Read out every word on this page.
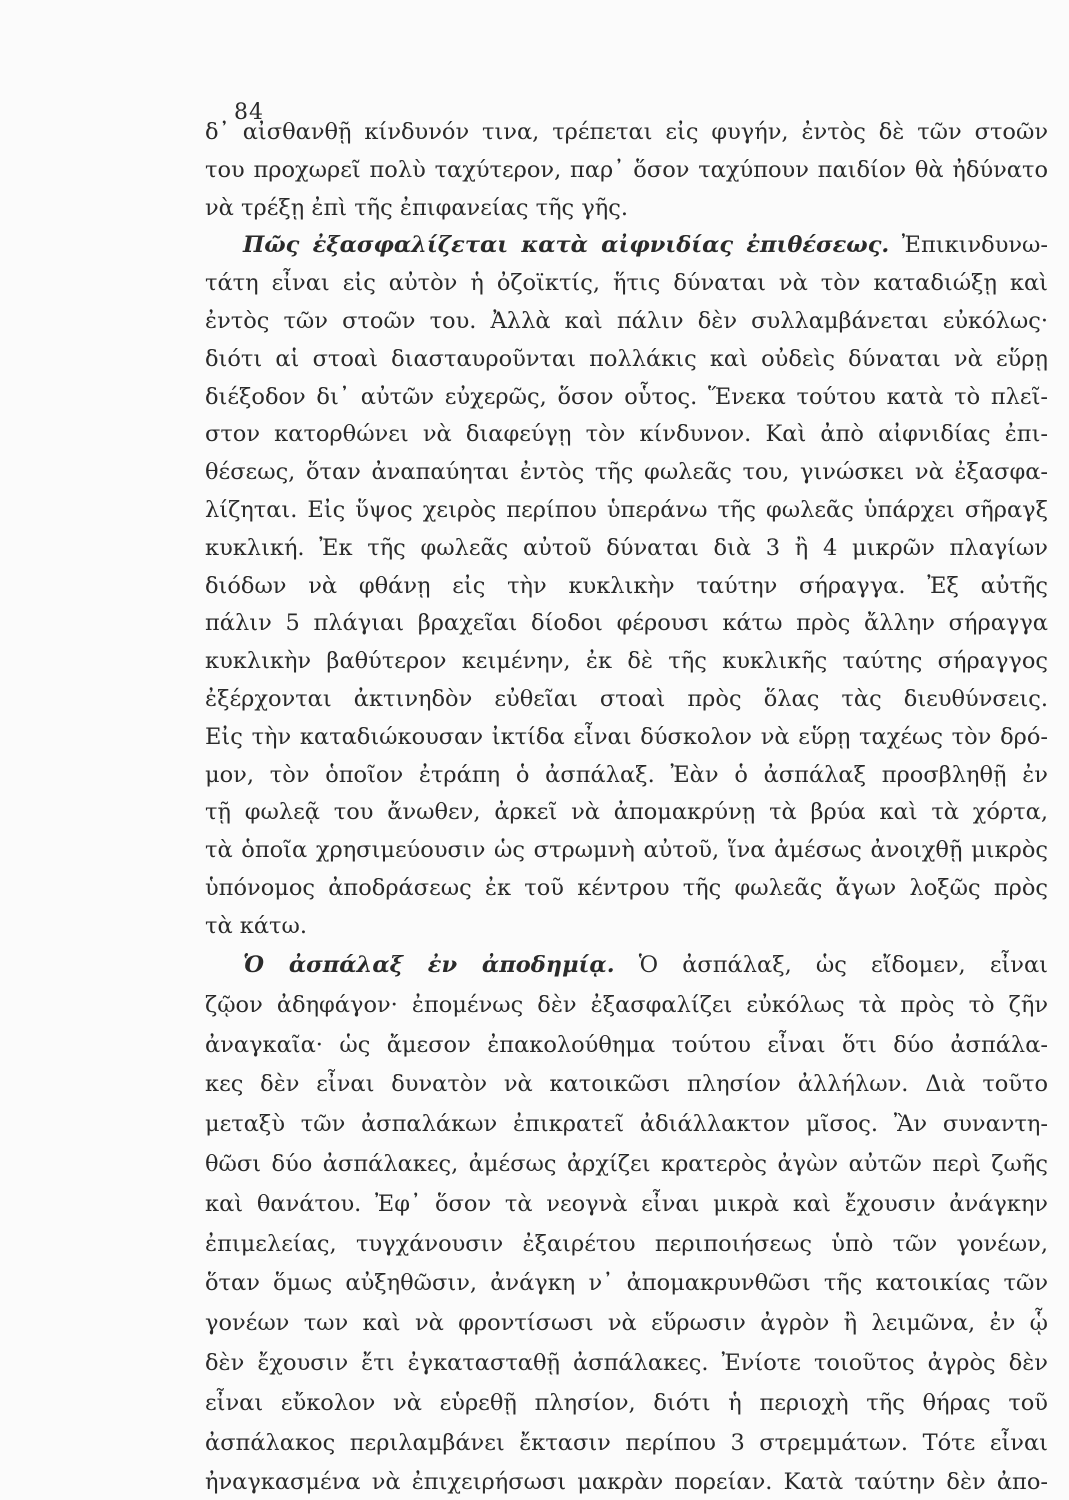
84
δ᾽ αἰσθανθῇ κίνδυνόν τινα, τρέπεται εἰς φυγήν, ἐντὸς δὲ τῶν στοῶν
του προχωρεῖ πολὺ ταχύτερον, παρ᾽ ὅσον ταχύπουν παιδίον θὰ ἠδύνατο
νὰ τρέξῃ ἐπὶ τῆς ἐπιφανείας τῆς γῆς.
Πῶς ἐξασφαλίζεται κατὰ αἰφνιδίας ἐπιθέσεως. Ἐπικινδυνω-
τάτη εἶναι εἰς αὐτὸν ἡ ὀζοϊκτίς, ἥτις δύναται νὰ τὸν καταδιώξῃ καὶ
ἐντὸς τῶν στοῶν του. Ἀλλὰ καὶ πάλιν δὲν συλλαμβάνεται εὐκόλως·
διότι αἱ στοαὶ διασταυροῦνται πολλάκις καὶ οὐδεὶς δύναται νὰ εὕρῃ
διέξοδον δι᾽ αὐτῶν εὐχερῶς, ὅσον οὗτος. Ἕνεκα τούτου κατὰ τὸ πλεῖ-
στον κατορθώνει νὰ διαφεύγῃ τὸν κίνδυνον. Καὶ ἀπὸ αἰφνιδίας ἐπι-
θέσεως, ὅταν ἀναπαύηται ἐντὸς τῆς φωλεᾶς του, γινώσκει νὰ ἐξασφα-
λίζηται. Εἰς ὕψος χειρὸς περίπου ὑπεράνω τῆς φωλεᾶς ὑπάρχει σῆραγξ
κυκλική. Ἐκ τῆς φωλεᾶς αὐτοῦ δύναται διὰ 3 ἢ 4 μικρῶν πλαγίων
διόδων νὰ φθάνῃ εἰς τὴν κυκλικὴν ταύτην σήραγγα. Ἐξ αὐτῆς
πάλιν 5 πλάγιαι βραχεῖαι δίοδοι φέρουσι κάτω πρὸς ἄλλην σήραγγα
κυκλικὴν βαθύτερον κειμένην, ἐκ δὲ τῆς κυκλικῆς ταύτης σήραγγος
ἐξέρχονται ἀκτινηδὸν εὐθεῖαι στοαὶ πρὸς ὅλας τὰς διευθύνσεις.
Εἰς τὴν καταδιώκουσαν ἰκτίδα εἶναι δύσκολον νὰ εὕρῃ ταχέως τὸν δρό-
μον, τὸν ὁποῖον ἐτράπη ὁ ἀσπάλαξ. Ἐὰν ὁ ἀσπάλαξ προσβληθῇ ἐν
τῇ φωλεᾷ του ἄνωθεν, ἀρκεῖ νὰ ἀπομακρύνῃ τὰ βρύα καὶ τὰ χόρτα,
τὰ ὁποῖα χρησιμεύουσιν ὡς στρωμνὴ αὐτοῦ, ἵνα ἀμέσως ἀνοιχθῇ μικρὸς
ὑπόνομος ἀποδράσεως ἐκ τοῦ κέντρου τῆς φωλεᾶς ἄγων λοξῶς πρὸς
τὰ κάτω.
Ὁ ἀσπάλαξ ἐν ἀποδημίᾳ. Ὁ ἀσπάλαξ, ὡς εἴδομεν, εἶναι
ζῷον ἀδηφάγον· ἐπομένως δὲν ἐξασφαλίζει εὐκόλως τὰ πρὸς τὸ ζῆν
ἀναγκαῖα· ὡς ἄμεσον ἐπακολούθημα τούτου εἶναι ὅτι δύο ἀσπάλα-
κες δὲν εἶναι δυνατὸν νὰ κατοικῶσι πλησίον ἀλλήλων. Διὰ τοῦτο
μεταξὺ τῶν ἀσπαλάκων ἐπικρατεῖ ἀδιάλλακτον μῖσος. Ἂν συναντη-
θῶσι δύο ἀσπάλακες, ἀμέσως ἀρχίζει κρατερὸς ἀγὼν αὐτῶν περὶ ζωῆς
καὶ θανάτου. Ἐφ᾽ ὅσον τὰ νεογνὰ εἶναι μικρὰ καὶ ἔχουσιν ἀνάγκην
ἐπιμελείας, τυγχάνουσιν ἐξαιρέτου περιποιήσεως ὑπὸ τῶν γονέων,
ὅταν ὅμως αὐξηθῶσιν, ἀνάγκη ν᾽ ἀπομακρυνθῶσι τῆς κατοικίας τῶν
γονέων των καὶ νὰ φροντίσωσι νὰ εὕρωσιν ἀγρὸν ἢ λειμῶνα, ἐν ᾧ
δὲν ἔχουσιν ἔτι ἐγκατασταθῇ ἀσπάλακες. Ἐνίοτε τοιοῦτος ἀγρὸς δὲν
εἶναι εὔκολον νὰ εὑρεθῇ πλησίον, διότι ἡ περιοχὴ τῆς θήρας τοῦ
ἀσπάλακος περιλαμβάνει ἔκτασιν περίπου 3 στρεμμάτων. Τότε εἶναι
ἠναγκασμένα νὰ ἐπιχειρήσωσι μακρὰν πορείαν. Κατὰ ταύτην δὲν ἀπο-
